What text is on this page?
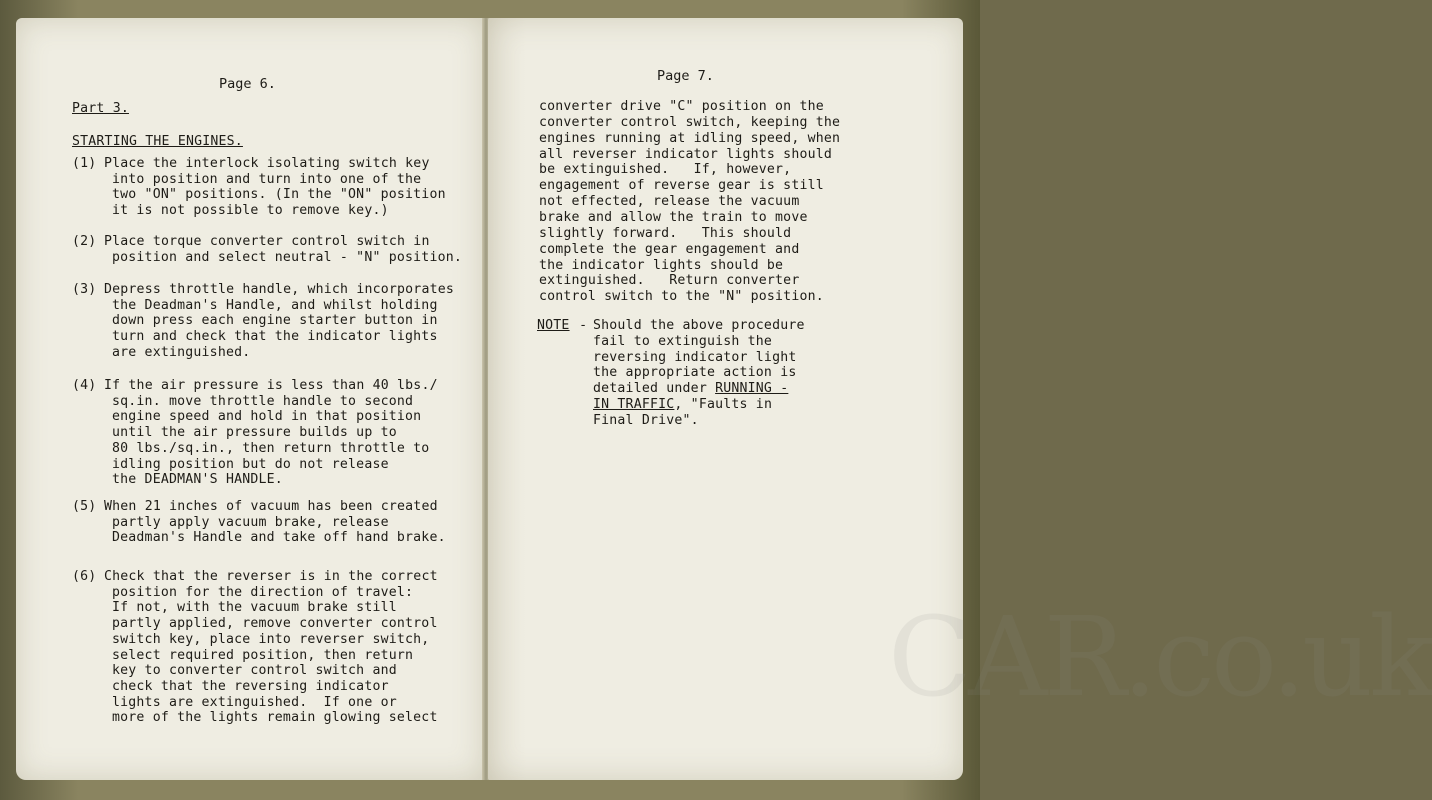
Page 6.
Part 3.
STARTING THE ENGINES.
(1) Place the interlock isolating switch key
into position and turn into one of the
two "ON" positions. (In the "ON" position
it is not possible to remove key.)
(2) Place torque converter control switch in
position and select neutral - "N" position.
(3) Depress throttle handle, which incorporates
the Deadman's Handle, and whilst holding
down press each engine starter button in
turn and check that the indicator lights
are extinguished.
(4) If the air pressure is less than 40 lbs./
sq.in. move throttle handle to second
engine speed and hold in that position
until the air pressure builds up to
80 lbs./sq.in., then return throttle to
idling position but do not release
the DEADMAN'S HANDLE.
(5) When 21 inches of vacuum has been created
partly apply vacuum brake, release
Deadman's Handle and take off hand brake.
(6) Check that the reverser is in the correct
position for the direction of travel:
If not, with the vacuum brake still
partly applied, remove converter control
switch key, place into reverser switch,
select required position, then return
key to converter control switch and
check that the reversing indicator
lights are extinguished.  If one or
more of the lights remain glowing select
Page 7.
converter drive "C" position on the
converter control switch, keeping the
engines running at idling speed, when
all reverser indicator lights should
be extinguished.   If, however,
engagement of reverse gear is still
not effected, release the vacuum
brake and allow the train to move
slightly forward.   This should
complete the gear engagement and
the indicator lights should be
extinguished.   Return converter
control switch to the "N" position.
NOTE -
Should the above procedure
fail to extinguish the
reversing indicator light
the appropriate action is
detailed under RUNNING -
IN TRAFFIC, "Faults in
Final Drive".
CAR.co.uk
